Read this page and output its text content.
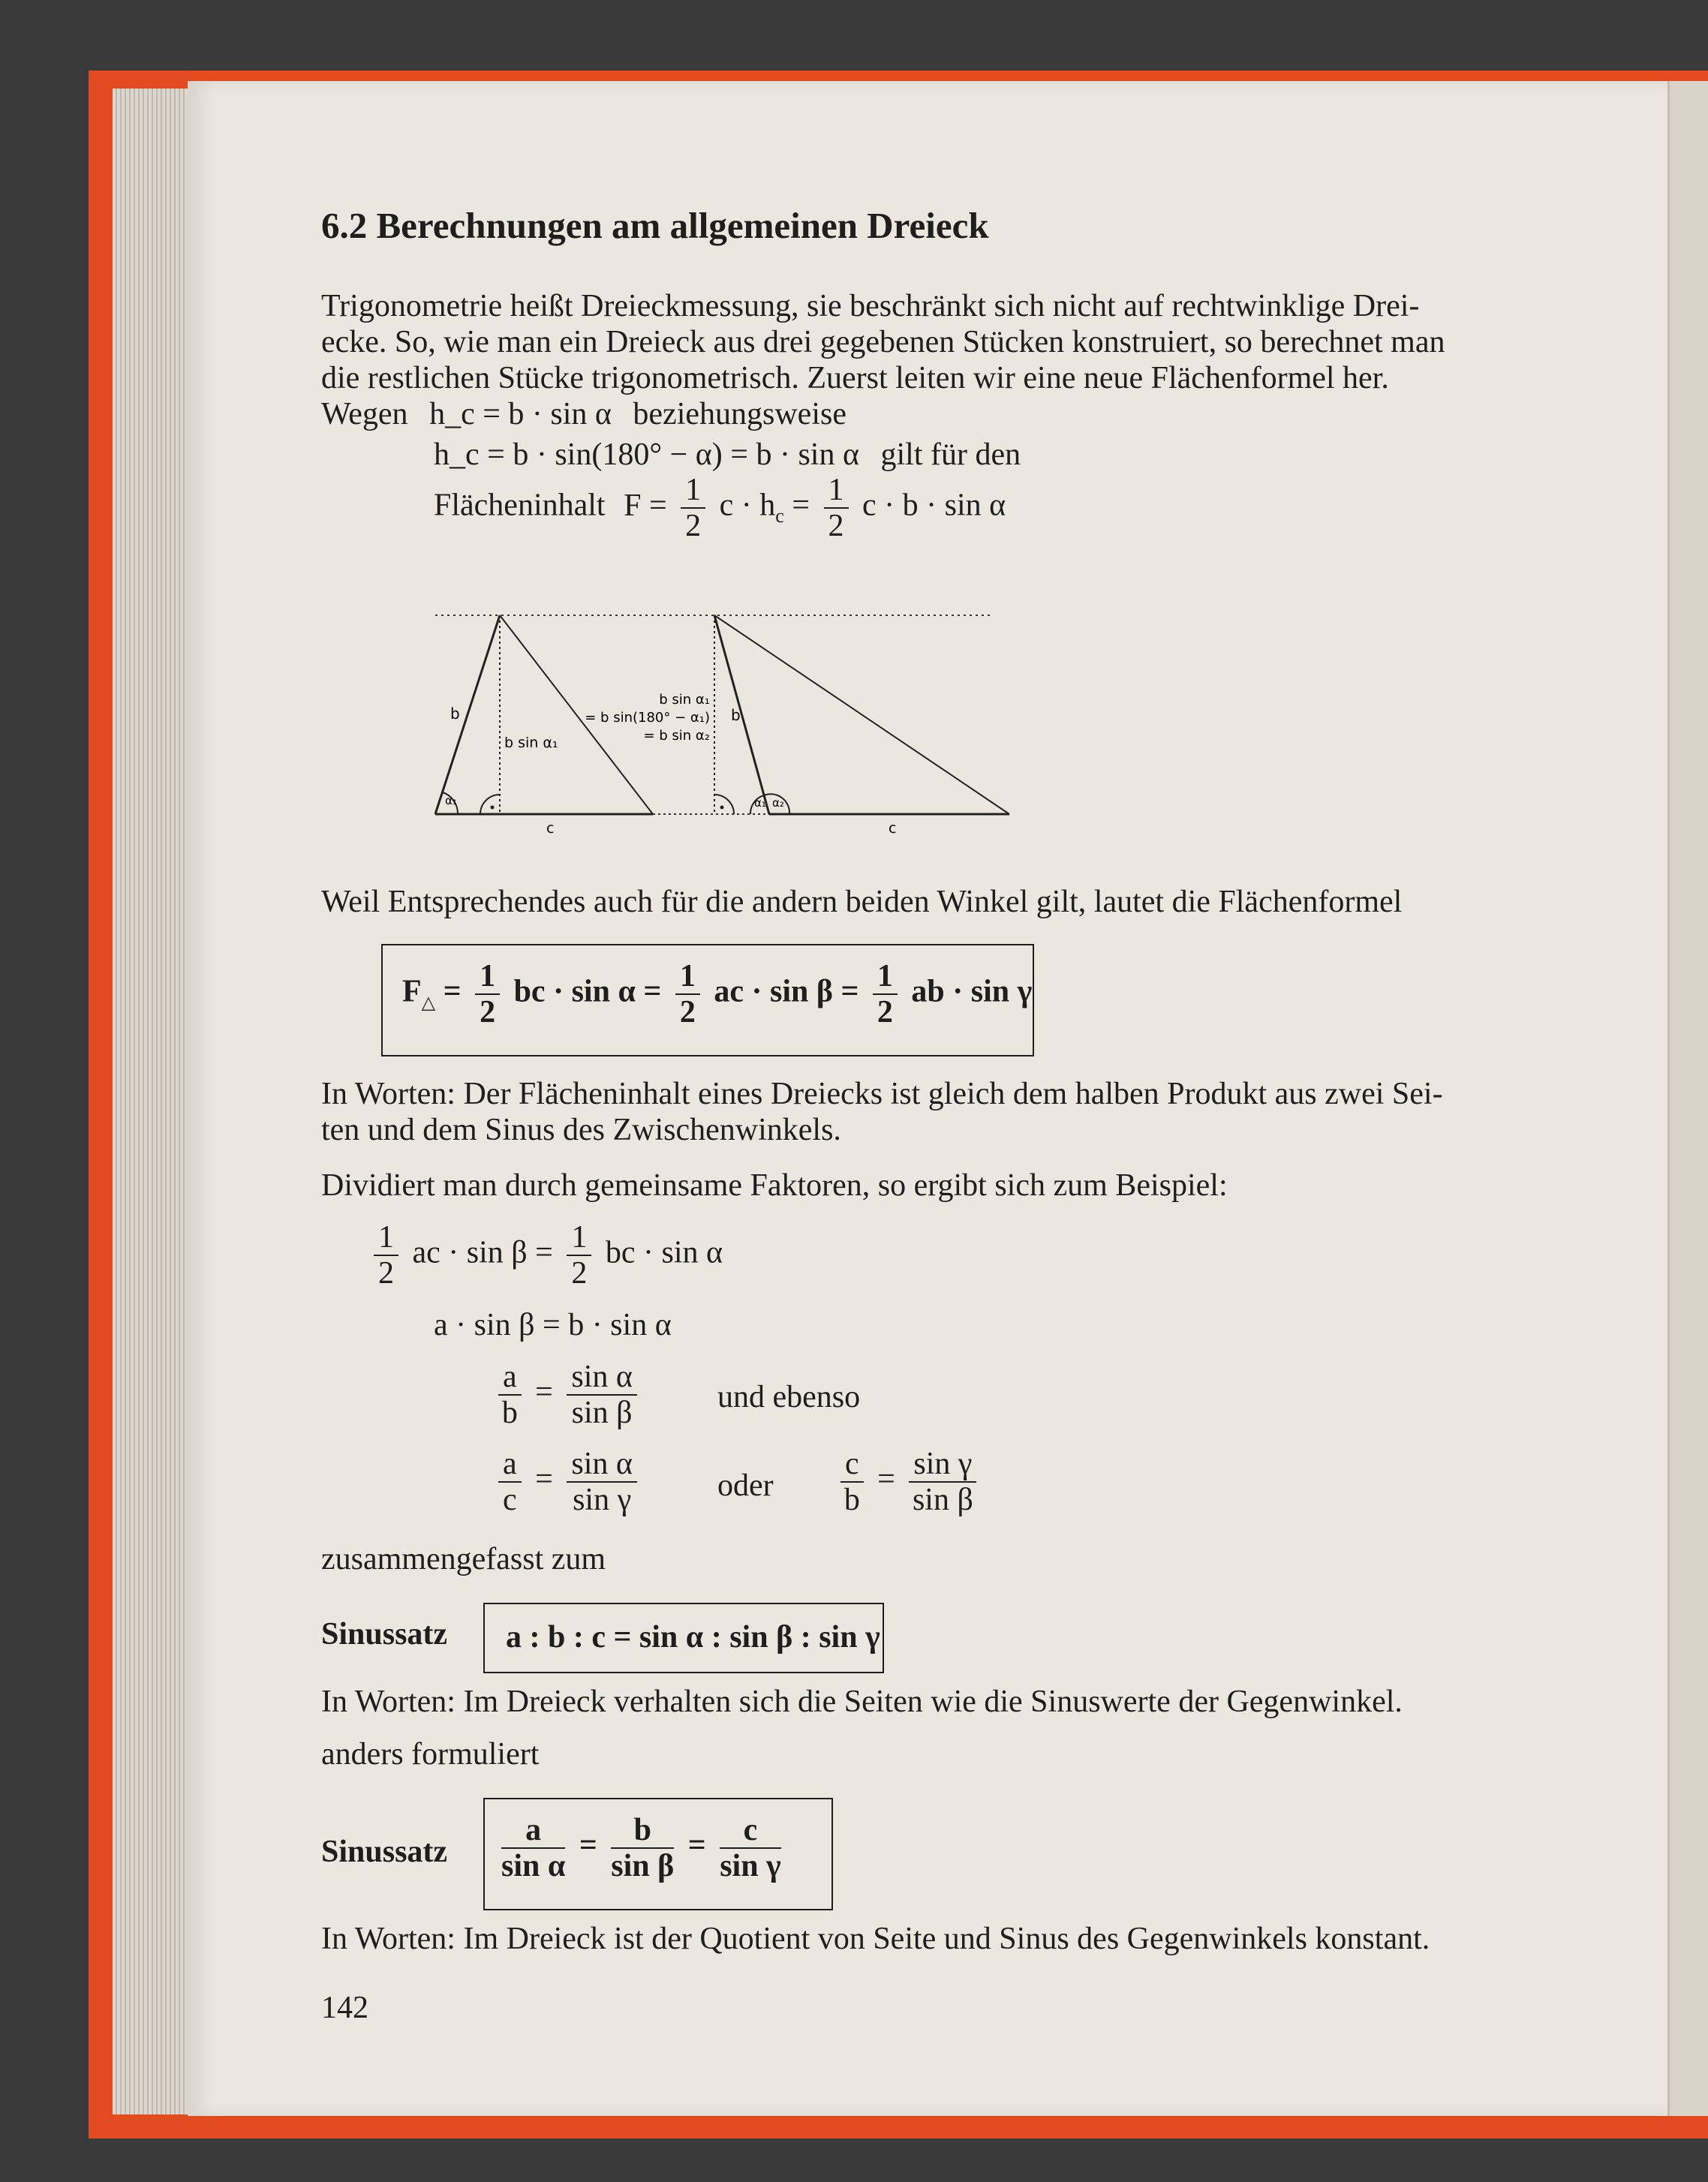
6.2 Berechnungen am allgemeinen Dreieck
Trigonometrie heißt Dreieckmessung, sie beschränkt sich nicht auf rechtwinklige Drei-
ecke. So, wie man ein Dreieck aus drei gegebenen Stücken konstruiert, so berechnet man
die restlichen Stücke trigonometrisch. Zuerst leiten wir eine neue Flächenformel her.
Wegen h_c = b · sin α beziehungsweise
h_c = b · sin(180° − α) = b · sin α gilt für den
Flächeninhalt $F = \frac{1}{2}$ $c \cdot h_c = \frac{1}{2}$ c · b · sin α
b
b sin α₁
α₁
c
b sin α₁
= b sin(180° − α₁)
= b sin α₂
b
α₁ α₂
c
Weil Entsprechendes auch für die andern beiden Winkel gilt, lautet die Flächenformel
$F_\triangle = \frac{1}{2}$ bc · $\sin \alpha = \frac{1}{2}$ ac · $\sin \beta = \frac{1}{2}$ ab · sin γ
In Worten: Der Flächeninhalt eines Dreiecks ist gleich dem halben Produkt aus zwei Sei-
ten und dem Sinus des Zwischenwinkels.
Dividiert man durch gemeinsame Faktoren, so ergibt sich zum Beispiel:
$\frac{1}{2}$ ac · $\sin \beta = \frac{1}{2}$ bc · sin α
a · sin β = b · sin α
$\frac{a}{b} = \frac{\text{sin α}}{\text{sin β}}$	und ebenso
$\frac{a}{c} = \frac{\text{sin α}}{\text{sin γ}}$	oder $\frac{c}{b} = \frac{\text{sin γ}}{\text{sin β}}$
zusammengefasst zum
Sinussatz a : b : c = sin α : sin β : sin γ
In Worten: Im Dreieck verhalten sich die Seiten wie die Sinuswerte der Gegenwinkel.
anders formuliert
Sinussatz $\frac{a}{\text{sin α}} = \frac{b}{\text{sin β}} = \frac{c}{\text{sin γ}}$
In Worten: Im Dreieck ist der Quotient von Seite und Sinus des Gegenwinkels konstant.
142
